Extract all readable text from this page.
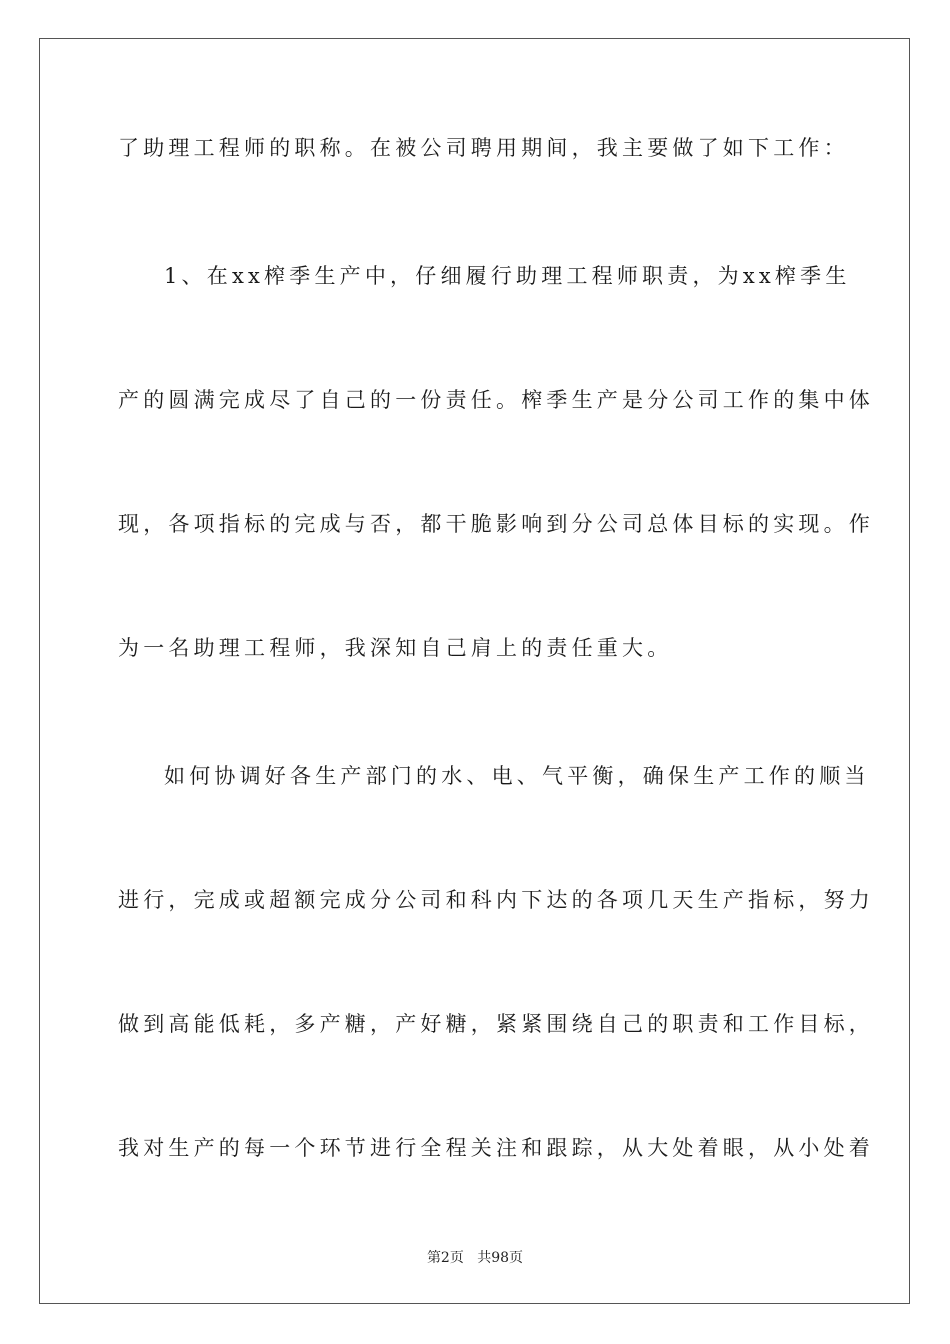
了助理工程师的职称。在被公司聘用期间，我主要做了如下工作：
1、在xx榨季生产中，仔细履行助理工程师职责，为xx榨季生
产的圆满完成尽了自己的一份责任。榨季生产是分公司工作的集中体
现，各项指标的完成与否，都干脆影响到分公司总体目标的实现。作
为一名助理工程师，我深知自己肩上的责任重大。
如何协调好各生产部门的水、电、气平衡，确保生产工作的顺当
进行，完成或超额完成分公司和科内下达的各项几天生产指标，努力
做到高能低耗，多产糖，产好糖，紧紧围绕自己的职责和工作目标，
我对生产的每一个环节进行全程关注和跟踪，从大处着眼，从小处着
第2页 共98页
